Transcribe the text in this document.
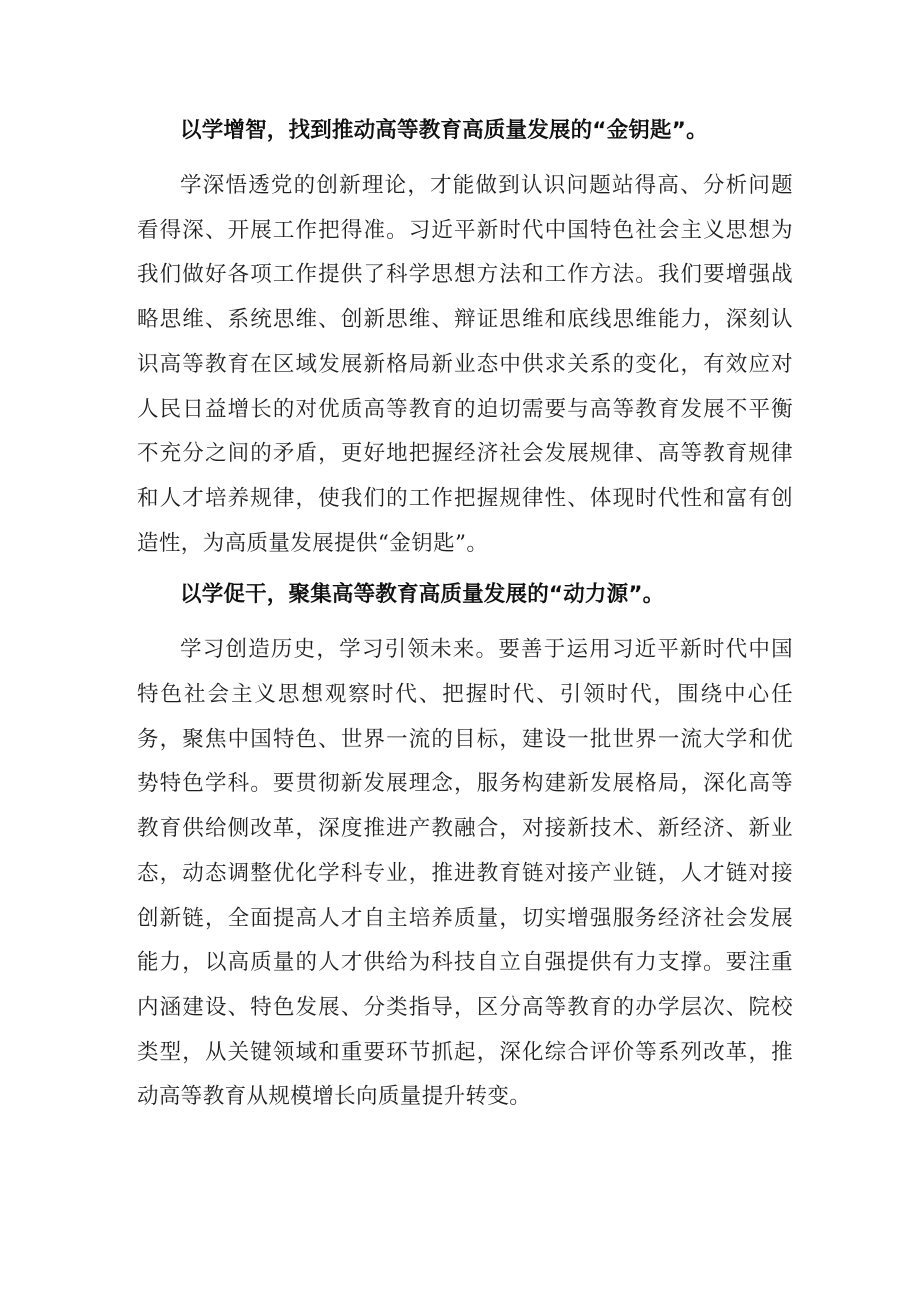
以学增智，找到推动高等教育高质量发展的“金钥匙”。

学深悟透党的创新理论，才能做到认识问题站得高、分析问题看得深、开展工作把得准。习近平新时代中国特色社会主义思想为我们做好各项工作提供了科学思想方法和工作方法。我们要增强战略思维、系统思维、创新思维、辩证思维和底线思维能力，深刻认识高等教育在区域发展新格局新业态中供求关系的变化，有效应对人民日益增长的对优质高等教育的迫切需要与高等教育发展不平衡不充分之间的矛盾，更好地把握经济社会发展规律、高等教育规律和人才培养规律，使我们的工作把握规律性、体现时代性和富有创造性，为高质量发展提供“金钥匙”。

以学促干，聚集高等教育高质量发展的“动力源”。

学习创造历史，学习引领未来。要善于运用习近平新时代中国特色社会主义思想观察时代、把握时代、引领时代，围绕中心任务，聚焦中国特色、世界一流的目标，建设一批世界一流大学和优势特色学科。要贯彻新发展理念，服务构建新发展格局，深化高等教育供给侧改革，深度推进产教融合，对接新技术、新经济、新业态，动态调整优化学科专业，推进教育链对接产业链，人才链对接创新链，全面提高人才自主培养质量，切实增强服务经济社会发展能力，以高质量的人才供给为科技自立自强提供有力支撑。要注重内涵建设、特色发展、分类指导，区分高等教育的办学层次、院校类型，从关键领域和重要环节抓起，深化综合评价等系列改革，推动高等教育从规模增长向质量提升转变。
